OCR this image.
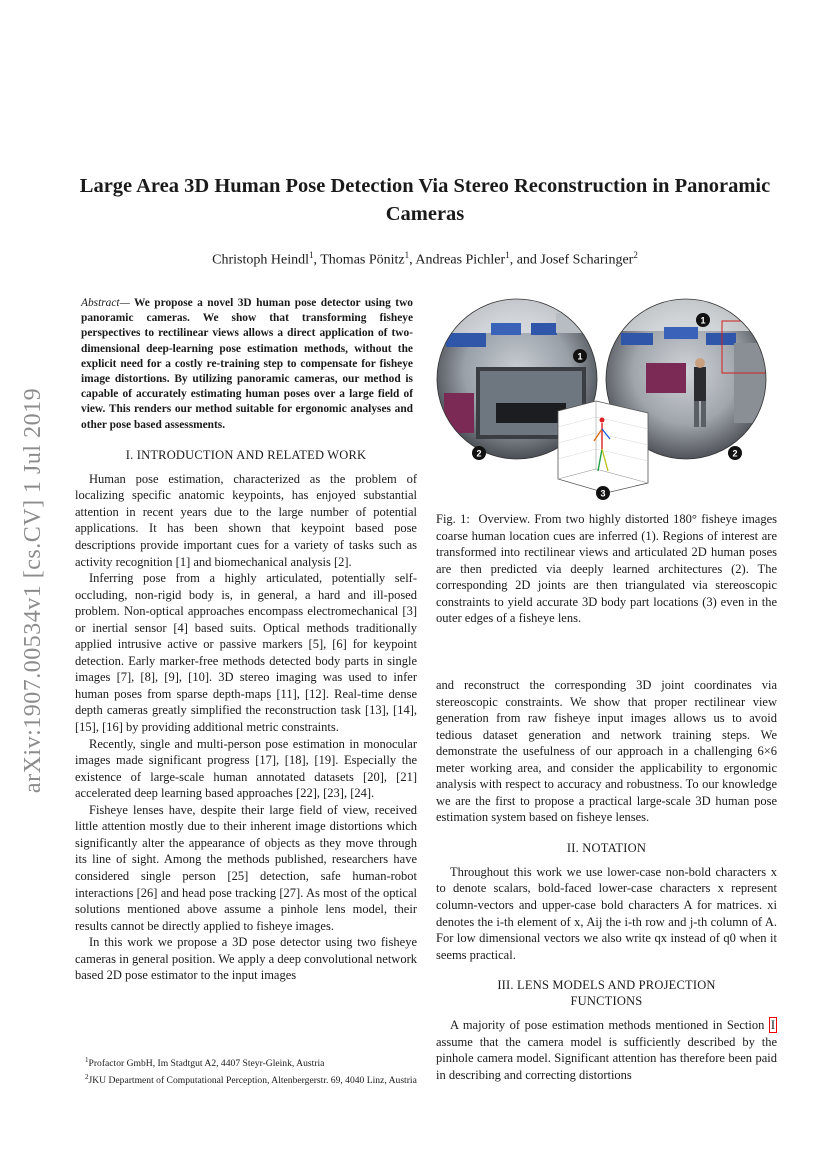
arXiv:1907.00534v1 [cs.CV] 1 Jul 2019
Large Area 3D Human Pose Detection Via Stereo Reconstruction in Panoramic Cameras
Christoph Heindl$^1$, Thomas Pönitz$^1$, Andreas Pichler$^1$, and Josef Scharinger$^2$
Abstract— We propose a novel 3D human pose detector using two panoramic cameras. We show that transforming fisheye perspectives to rectilinear views allows a direct application of two-dimensional deep-learning pose estimation methods, without the explicit need for a costly re-training step to compensate for fisheye image distortions. By utilizing panoramic cameras, our method is capable of accurately estimating human poses over a large field of view. This renders our method suitable for ergonomic analyses and other pose based assessments.
I. INTRODUCTION AND RELATED WORK

Human pose estimation, characterized as the problem of localizing specific anatomic keypoints, has enjoyed substantial attention in recent years due to the large number of potential applications. It has been shown that keypoint based pose descriptions provide important cues for a variety of tasks such as activity recognition [1] and biomechanical analysis [2].

Inferring pose from a highly articulated, potentially self-occluding, non-rigid body is, in general, a hard and ill-posed problem. Non-optical approaches encompass electromechanical [3] or inertial sensor [4] based suits. Optical methods traditionally applied intrusive active or passive markers [5], [6] for keypoint detection. Early marker-free methods detected body parts in single images [7], [8], [9], [10]. 3D stereo imaging was used to infer human poses from sparse depth-maps [11], [12]. Real-time dense depth cameras greatly simplified the reconstruction task [13], [14], [15], [16] by providing additional metric constraints.

Recently, single and multi-person pose estimation in monocular images made significant progress [17], [18], [19]. Especially the existence of large-scale human annotated datasets [20], [21] accelerated deep learning based approaches [22], [23], [24].

Fisheye lenses have, despite their large field of view, received little attention mostly due to their inherent image distortions which significantly alter the appearance of objects as they move through its line of sight. Among the methods published, researchers have considered single person [25] detection, safe human-robot interactions [26] and head pose tracking [27]. As most of the optical solutions mentioned above assume a pinhole lens model, their results cannot be directly applied to fisheye images.

In this work we propose a 3D pose detector using two fisheye cameras in general position. We apply a deep convolutional network based 2D pose estimator to the input images

$^1$Profactor GmbH, Im Stadtgut A2, 4407 Steyr-Gleink, Austria

$^2$JKU Department of Computational Perception, Altenbergerstr. 69, 4040 Linz, Austria

1
1
2	2
3
Fig. 1: Overview. From two highly distorted 180° fisheye images coarse human location cues are inferred (1). Regions of interest are transformed into rectilinear views and articulated 2D human poses are then predicted via deeply learned architectures (2). The corresponding 2D joints are then triangulated via stereoscopic constraints to yield accurate 3D body part locations (3) even in the outer edges of a fisheye lens.

and reconstruct the corresponding 3D joint coordinates via stereoscopic constraints. We show that proper rectilinear view generation from raw fisheye input images allows us to avoid tedious dataset generation and network training steps. We demonstrate the usefulness of our approach in a challenging 6×6 meter working area, and consider the applicability to ergonomic analysis with respect to accuracy and robustness. To our knowledge we are the first to propose a practical large-scale 3D human pose estimation system based on fisheye lenses.

II. NOTATION

Throughout this work we use lower-case non-bold characters x to denote scalars, bold-faced lower-case characters x represent column-vectors and upper-case bold characters A for matrices. xi denotes the i-th element of x, Aij the i-th row and j-th column of A. For low dimensional vectors we also write qx instead of q0 when it seems practical.

III. LENS MODELS AND PROJECTION
FUNCTIONS

A majority of pose estimation methods mentioned in Section I assume that the camera model is sufficiently described by the pinhole camera model. Significant attention has therefore been paid in describing and correcting distortions
